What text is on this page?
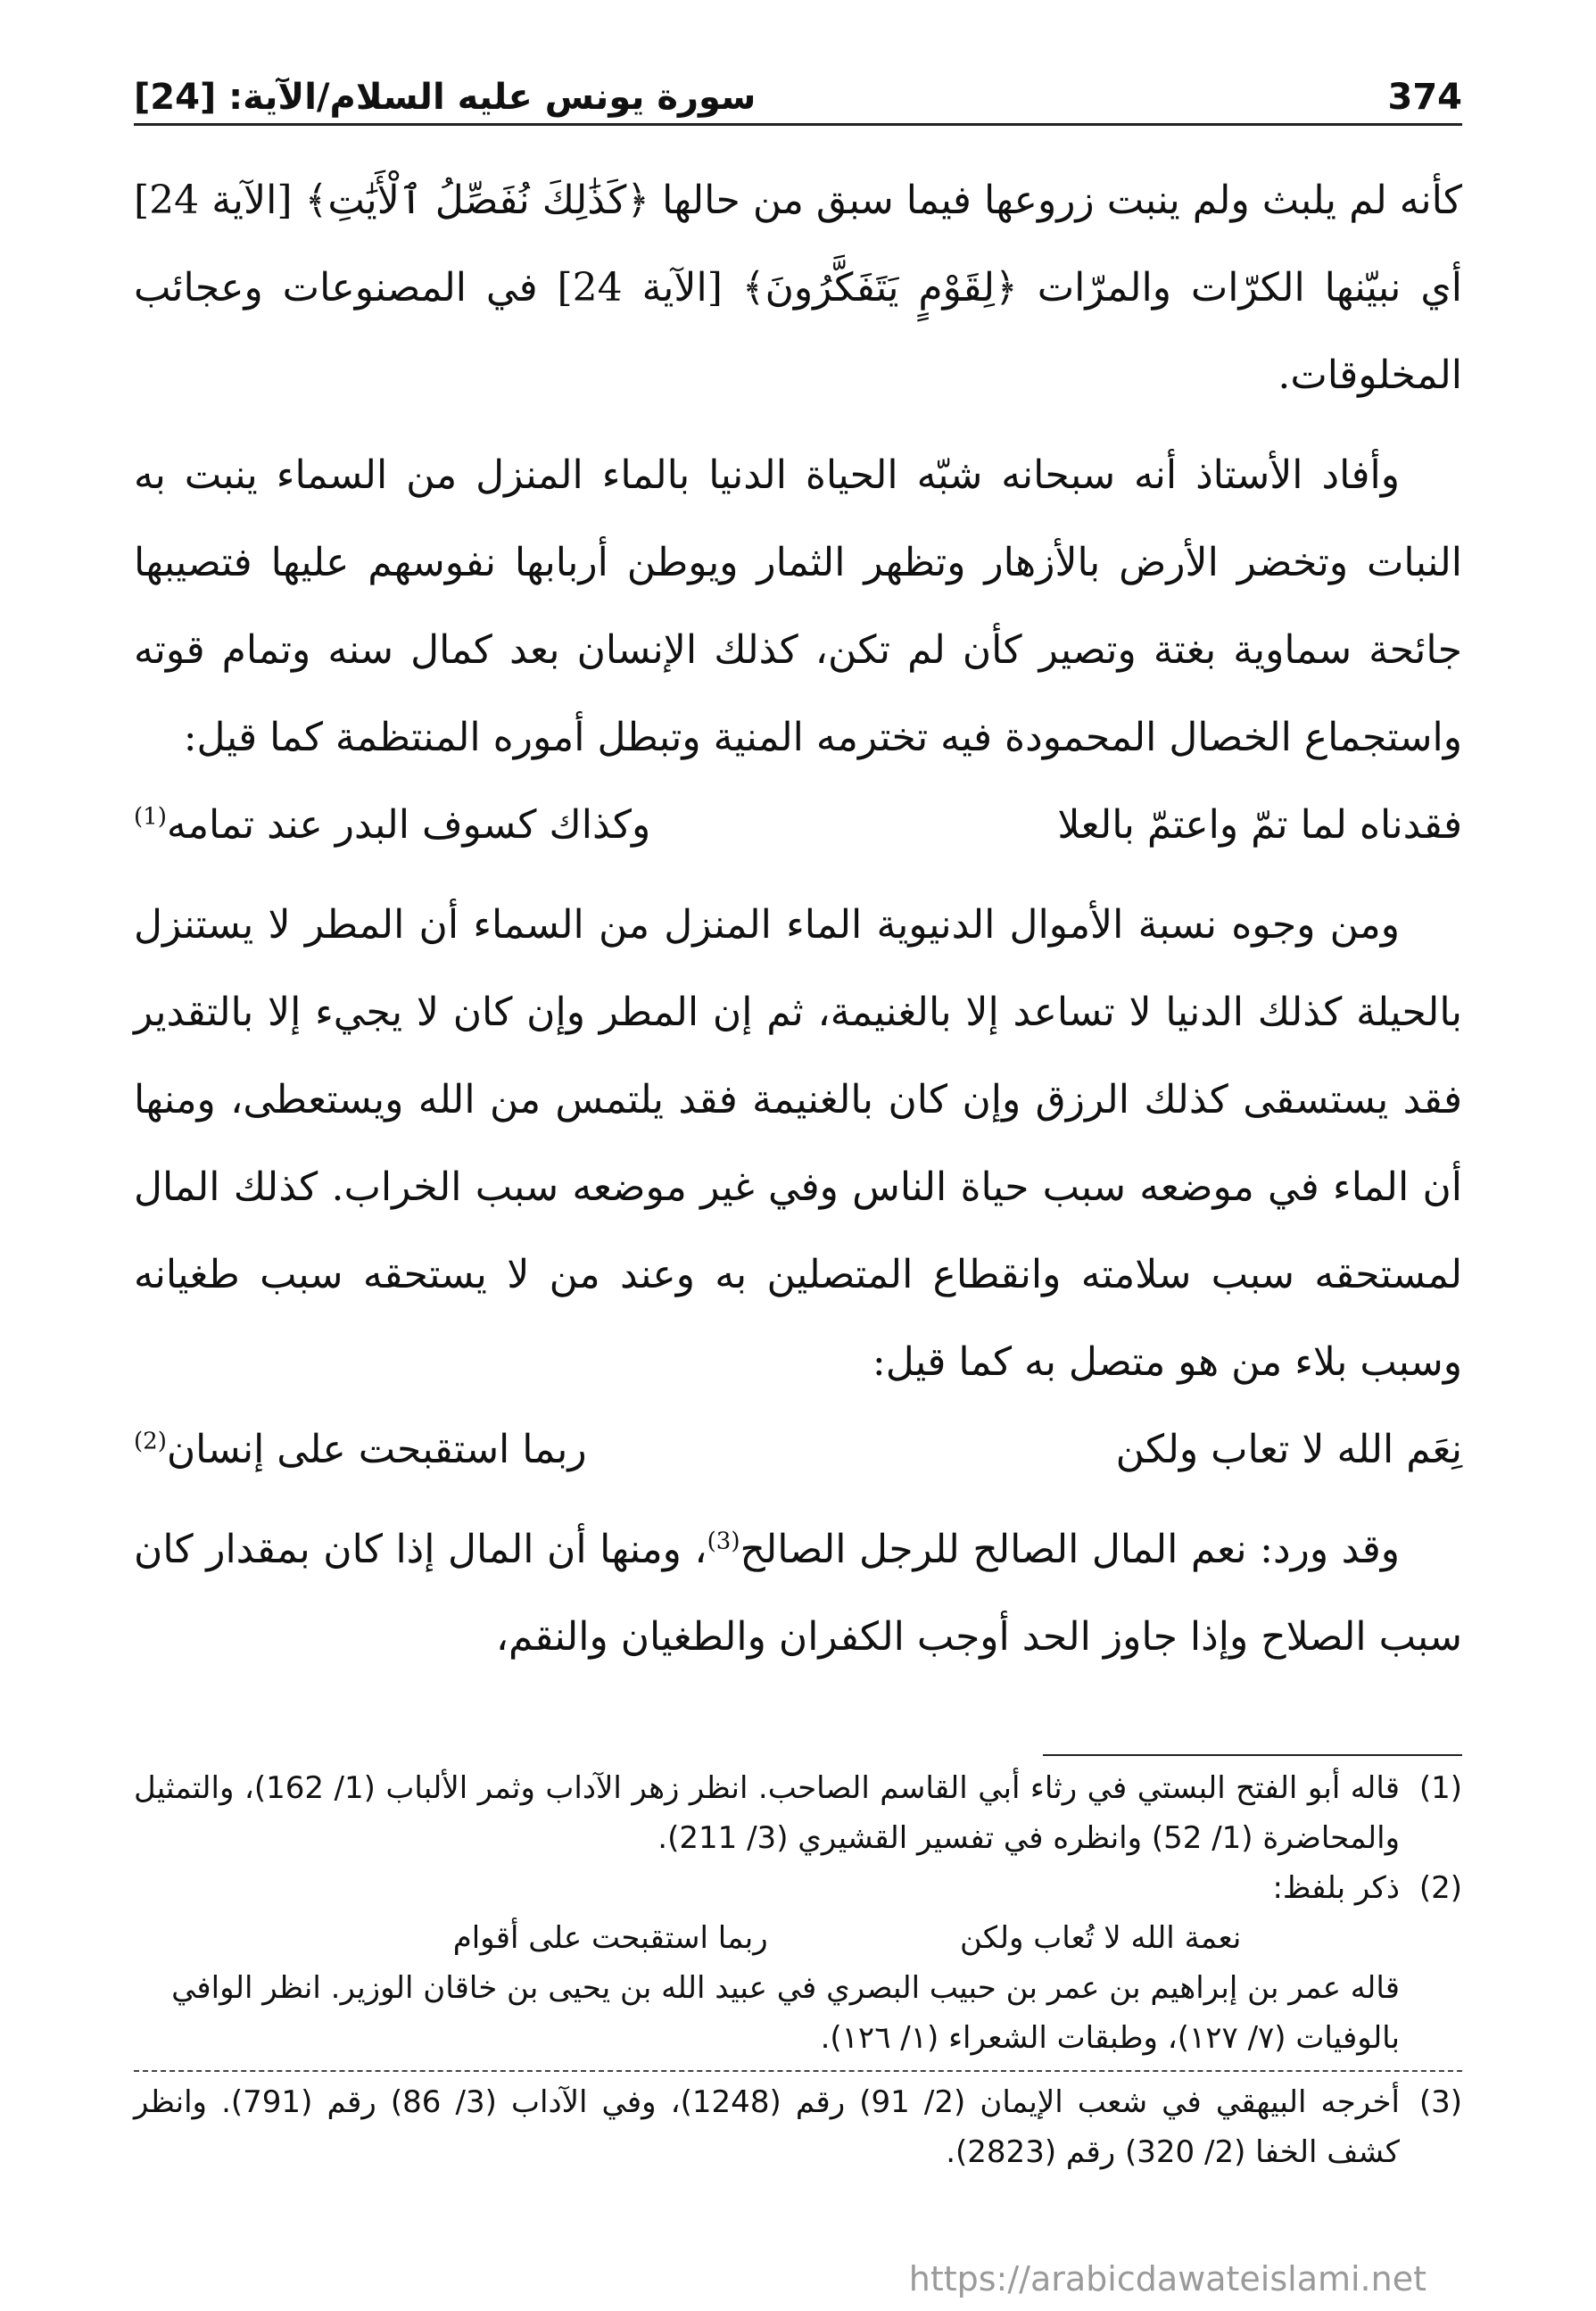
374
سورة يونس عليه السلام/الآية: [24]

كأنه لم يلبث ولم ينبت زروعها فيما سبق من حالها ﴿كَذَٰلِكَ نُفَصِّلُ ٱلْأَيَٰتِ﴾ [الآية 24] أي نبيّنها الكرّات والمرّات ﴿لِقَوْمٍ يَتَفَكَّرُونَ﴾ [الآية 24] في المصنوعات وعجائب المخلوقات.

وأفاد الأستاذ أنه سبحانه شبّه الحياة الدنيا بالماء المنزل من السماء ينبت به النبات وتخضر الأرض بالأزهار وتظهر الثمار ويوطن أربابها نفوسهم عليها فتصيبها جائحة سماوية بغتة وتصير كأن لم تكن، كذلك الإنسان بعد كمال سنه وتمام قوته واستجماع الخصال المحمودة فيه تخترمه المنية وتبطل أموره المنتظمة كما قيل:

فقدناه لما تمّ واعتمّ بالعلا
وكذاك كسوف البدر عند تمامه$^{(1)}$

ومن وجوه نسبة الأموال الدنيوية الماء المنزل من السماء أن المطر لا يستنزل بالحيلة كذلك الدنيا لا تساعد إلا بالغنيمة، ثم إن المطر وإن كان لا يجيء إلا بالتقدير فقد يستسقى كذلك الرزق وإن كان بالغنيمة فقد يلتمس من الله ويستعطى، ومنها أن الماء في موضعه سبب حياة الناس وفي غير موضعه سبب الخراب. كذلك المال لمستحقه سبب سلامته وانقطاع المتصلين به وعند من لا يستحقه سبب طغيانه وسبب بلاء من هو متصل به كما قيل:

نِعَم الله لا تعاب ولكن
ربما استقبحت على إنسان$^{(2)}$

وقد ورد: نعم المال الصالح للرجل الصالح$^{(3)}$، ومنها أن المال إذا كان بمقدار كان سبب الصلاح وإذا جاوز الحد أوجب الكفران والطغيان والنقم،

(1)
قاله أبو الفتح البستي في رثاء أبي القاسم الصاحب. انظر زهر الآداب وثمر الألباب (1/ 162)، والتمثيل والمحاضرة (1/ 52) وانظره في تفسير القشيري (3/ 211).
(2)
ذكر بلفظ:
نعمة الله لا تُعاب ولكن
ربما استقبحت على أقوام

قاله عمر بن إبراهيم بن عمر بن حبيب البصري في عبيد الله بن يحيى بن خاقان الوزير. انظر الوافي بالوفيات (٧/ ١٢٧)، وطبقات الشعراء (١/ ١٢٦).

(3)
أخرجه البيهقي في شعب الإيمان (2/ 91) رقم (1248)، وفي الآداب (3/ 86) رقم (791). وانظر كشف الخفا (2/ 320) رقم (2823).
https://arabicdawateislami.net
